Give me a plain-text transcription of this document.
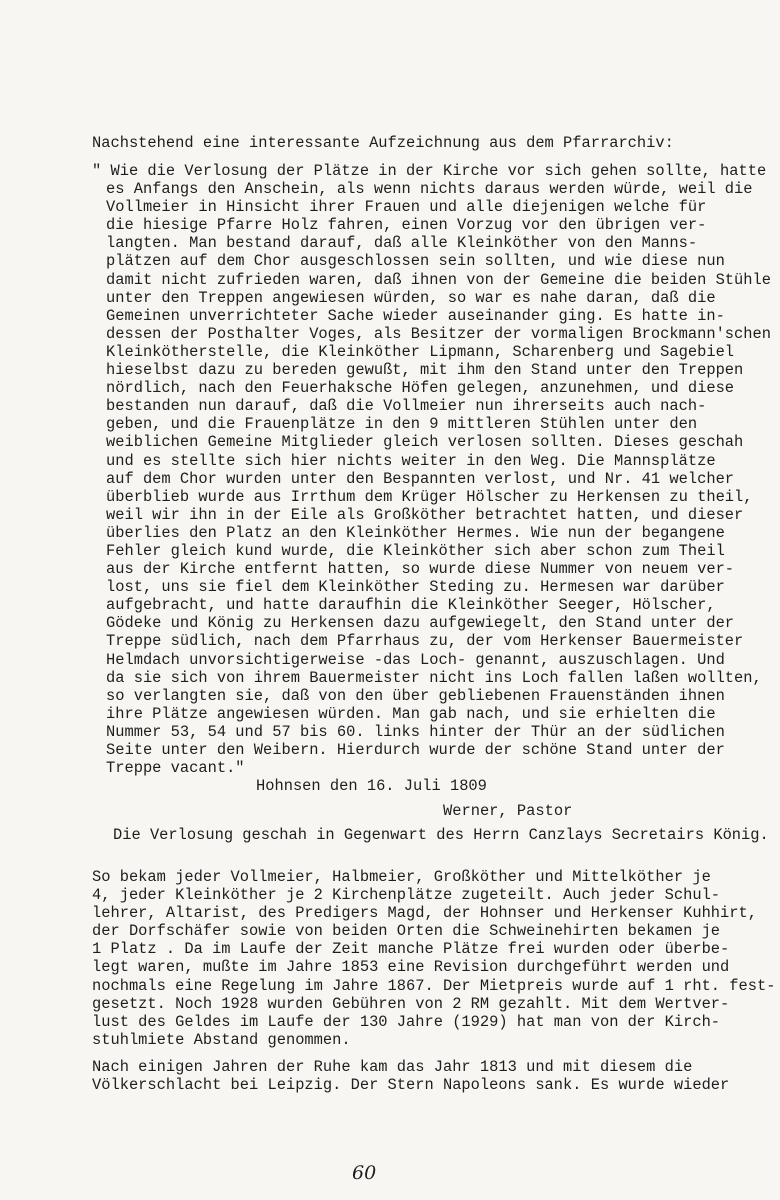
Nachstehend eine interessante Aufzeichnung aus dem Pfarrarchiv:
" Wie die Verlosung der Plätze in der Kirche vor sich gehen sollte, hatte
es Anfangs den Anschein, als wenn nichts daraus werden würde, weil die
Vollmeier in Hinsicht ihrer Frauen und alle diejenigen welche für
die hiesige Pfarre Holz fahren, einen Vorzug vor den übrigen ver-
langten. Man bestand darauf, daß alle Kleinköther von den Manns-
plätzen auf dem Chor ausgeschlossen sein sollten, und wie diese nun
damit nicht zufrieden waren, daß ihnen von der Gemeine die beiden Stühle
unter den Treppen angewiesen würden, so war es nahe daran, daß die
Gemeinen unverrichteter Sache wieder auseinander ging. Es hatte in-
dessen der Posthalter Voges, als Besitzer der vormaligen Brockmann'schen
Kleinkötherstelle, die Kleinköther Lipmann, Scharenberg und Sagebiel
hieselbst dazu zu bereden gewußt, mit ihm den Stand unter den Treppen
nördlich, nach den Feuerhaksche Höfen gelegen, anzunehmen, und diese
bestanden nun darauf, daß die Vollmeier nun ihrerseits auch nach-
geben, und die Frauenplätze in den 9 mittleren Stühlen unter den
weiblichen Gemeine Mitglieder gleich verlosen sollten. Dieses geschah
und es stellte sich hier nichts weiter in den Weg. Die Mannsplätze
auf dem Chor wurden unter den Bespannten verlost, und Nr. 41 welcher
überblieb wurde aus Irrthum dem Krüger Hölscher zu Herkensen zu theil,
weil wir ihn in der Eile als Großköther betrachtet hatten, und dieser
überlies den Platz an den Kleinköther Hermes. Wie nun der begangene
Fehler gleich kund wurde, die Kleinköther sich aber schon zum Theil
aus der Kirche entfernt hatten, so wurde diese Nummer von neuem ver-
lost, uns sie fiel dem Kleinköther Steding zu. Hermesen war darüber
aufgebracht, und hatte daraufhin die Kleinköther Seeger, Hölscher,
Gödeke und König zu Herkensen dazu aufgewiegelt, den Stand unter der
Treppe südlich, nach dem Pfarrhaus zu, der vom Herkenser Bauermeister
Helmdach unvorsichtigerweise -das Loch- genannt, auszuschlagen. Und
da sie sich von ihrem Bauermeister nicht ins Loch fallen laßen wollten,
so verlangten sie, daß von den über gebliebenen Frauenständen ihnen
ihre Plätze angewiesen würden. Man gab nach, und sie erhielten die
Nummer 53, 54 und 57 bis 60. links hinter der Thür an der südlichen
Seite unter den Weibern. Hierdurch wurde der schöne Stand unter der
Treppe vacant."
Hohnsen den 16. Juli 1809
Werner, Pastor
Die Verlosung geschah in Gegenwart des Herrn Canzlays Secretairs König.
So bekam jeder Vollmeier, Halbmeier, Großköther und Mittelköther je
4, jeder Kleinköther je 2 Kirchenplätze zugeteilt. Auch jeder Schul-
lehrer, Altarist, des Predigers Magd, der Hohnser und Herkenser Kuhhirt,
der Dorfschäfer sowie von beiden Orten die Schweinehirten bekamen je
1 Platz . Da im Laufe der Zeit manche Plätze frei wurden oder überbe-
legt waren, mußte im Jahre 1853 eine Revision durchgeführt werden und
nochmals eine Regelung im Jahre 1867. Der Mietpreis wurde auf 1 rht. fest-
gesetzt. Noch 1928 wurden Gebühren von 2 RM gezahlt. Mit dem Wertver-
lust des Geldes im Laufe der 130 Jahre (1929) hat man von der Kirch-
stuhlmiete Abstand genommen.
Nach einigen Jahren der Ruhe kam das Jahr 1813 und mit diesem die
Völkerschlacht bei Leipzig. Der Stern Napoleons sank. Es wurde wieder
60
